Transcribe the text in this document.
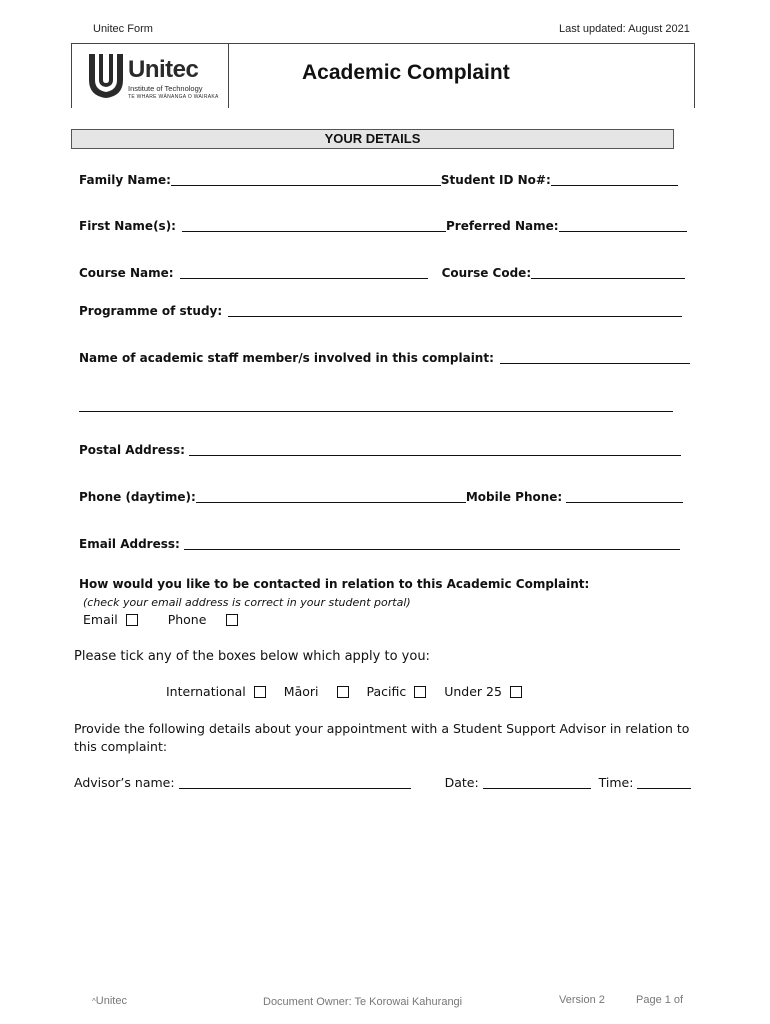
Unitec Form	Last updated: August 2021
Unitec
Institute of Technology
TE WHARE WĀNANGA O WAIRAKA
Academic Complaint
YOUR DETAILS
Family Name:	Student ID No#:
First Name(s):	Preferred Name:
Course Name:	Course Code:
Programme of study:
Name of academic staff member/s involved in this complaint:
Postal Address:
Phone (daytime):	Mobile Phone:
Email Address:
How would you like to be contacted in relation to this Academic Complaint:
(check your email address is correct in your student portal)
Email	Phone
Please tick any of the boxes below which apply to you:
International	Māori	Pacific	Under 25
Provide the following details about your appointment with a Student Support Advisor in relation to this complaint:
Advisor’s name:	Date:	Time:
^Unitec	Document Owner: Te Korowai Kahurangi	Version 2	Page 1 of
